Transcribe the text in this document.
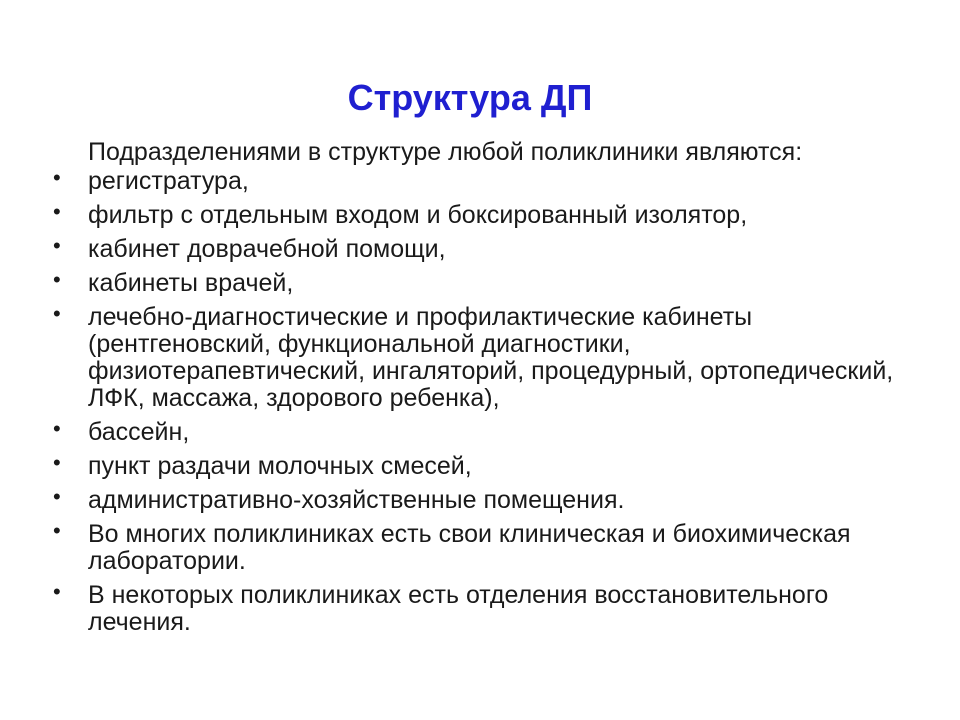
Структура ДП

Подразделениями в структуре любой поликлиники являются:

• регистратура,
• фильтр с отдельным входом и боксированный изолятор,
• кабинет доврачебной помощи,
• кабинеты врачей,
• лечебно-диагностические и профилактические кабинеты (рентгеновский, функциональной диагностики, физиотерапевтический, ингаляторий, процедурный, ортопедический, ЛФК, массажа, здорового ребенка),
• бассейн,
• пункт раздачи молочных смесей,
• административно-хозяйственные помещения.
• Во многих поликлиниках есть свои клиническая и биохимическая лаборатории.
• В некоторых поликлиниках есть отделения восстановительного лечения.
